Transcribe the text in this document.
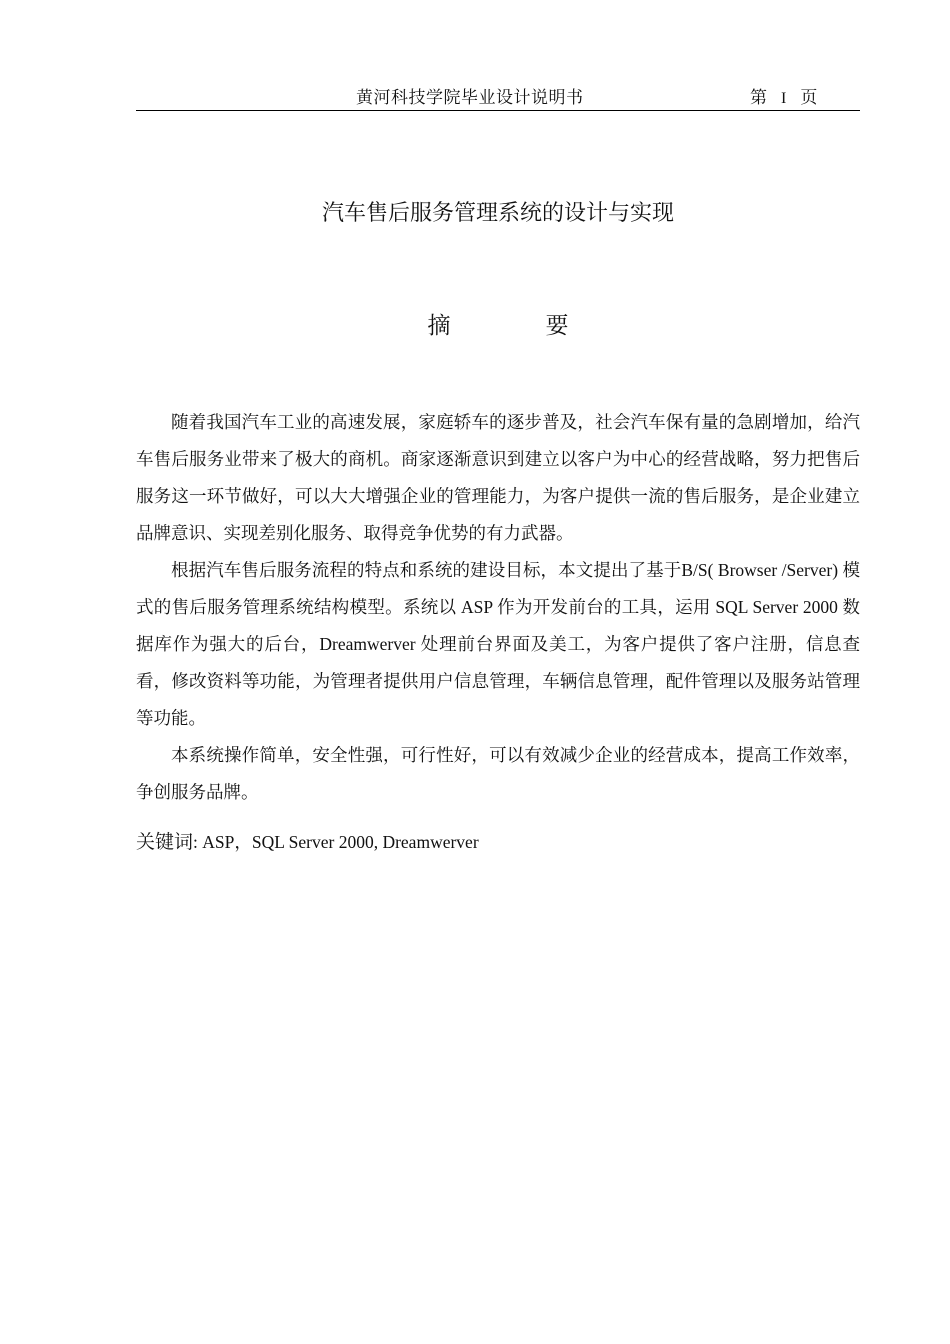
黄河科技学院毕业设计说明书	第 I 页
汽车售后服务管理系统的设计与实现
摘　要

随着我国汽车工业的高速发展，家庭轿车的逐步普及，社会汽车保有量的急剧增加，给汽车售后服务业带来了极大的商机。商家逐渐意识到建立以客户为中心的经营战略，努力把售后服务这一环节做好，可以大大增强企业的管理能力，为客户提供一流的售后服务，是企业建立品牌意识、实现差别化服务、取得竞争优势的有力武器。

根据汽车售后服务流程的特点和系统的建设目标，本文提出了基于B/S( Browser /Server) 模式的售后服务管理系统结构模型。系统以 ASP 作为开发前台的工具，运用 SQL Server 2000 数据库作为强大的后台，Dreamwerver 处理前台界面及美工，为客户提供了客户注册，信息查看，修改资料等功能，为管理者提供用户信息管理，车辆信息管理，配件管理以及服务站管理等功能。

本系统操作简单，安全性强，可行性好，可以有效减少企业的经营成本，提高工作效率，争创服务品牌。

关键词: ASP，SQL Server 2000, Dreamwerver
